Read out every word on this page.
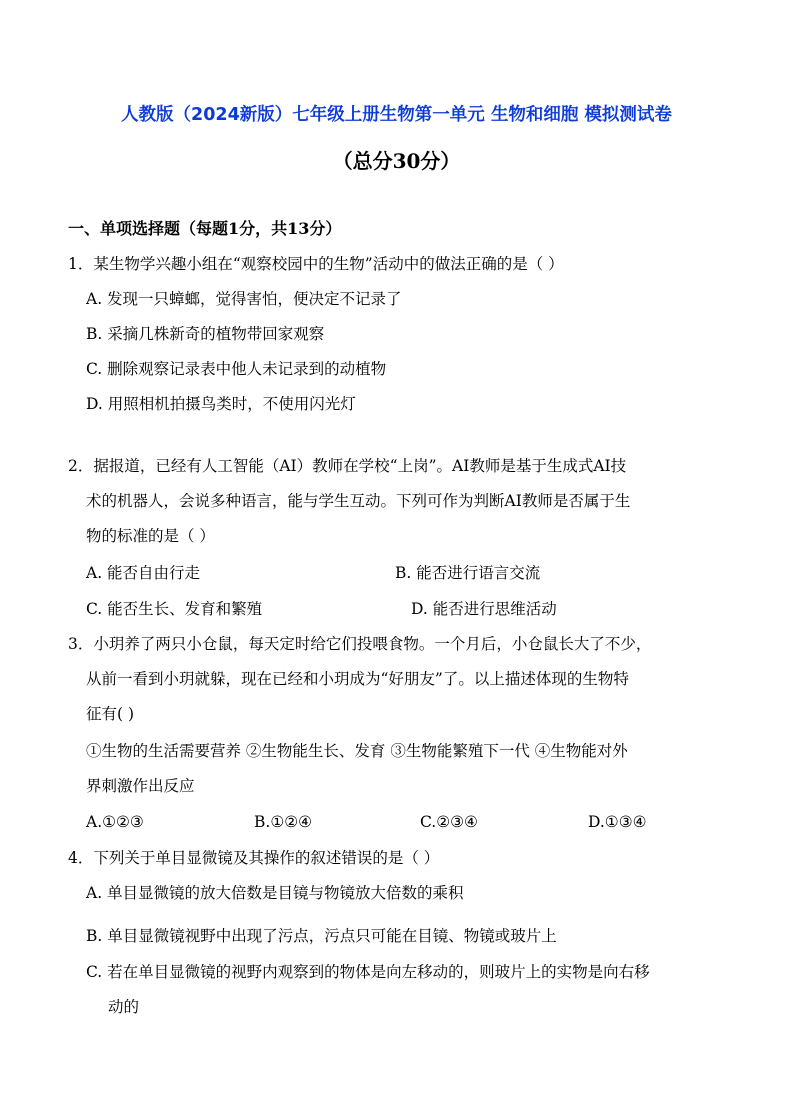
人教版（2024新版）七年级上册生物第一单元 生物和细胞 模拟测试卷
（总分30分）
一、单项选择题（每题1分，共13分）
1．某生物学兴趣小组在“观察校园中的生物”活动中的做法正确的是（ ）
A. 发现一只蟑螂，觉得害怕，便决定不记录了
B. 采摘几株新奇的植物带回家观察
C. 删除观察记录表中他人未记录到的动植物
D. 用照相机拍摄鸟类时，不使用闪光灯
2．据报道，已经有人工智能（AI）教师在学校“上岗”。AI教师是基于生成式AI技
术的机器人，会说多种语言，能与学生互动。下列可作为判断AI教师是否属于生
物的标准的是（ ）
A. 能否自由行走	B. 能否进行语言交流
C. 能否生长、发育和繁殖	D. 能否进行思维活动
3．小玥养了两只小仓鼠，每天定时给它们投喂食物。一个月后，小仓鼠长大了不少，
从前一看到小玥就躲，现在已经和小玥成为“好朋友”了。以上描述体现的生物特
征有( )
①生物的生活需要营养 ②生物能生长、发育 ③生物能繁殖下一代 ④生物能对外
界刺激作出反应
A.①②③	B.①②④	C.②③④	D.①③④
4．下列关于单目显微镜及其操作的叙述错误的是（ ）
A. 单目显微镜的放大倍数是目镜与物镜放大倍数的乘积
B. 单目显微镜视野中出现了污点，污点只可能在目镜、物镜或玻片上
C. 若在单目显微镜的视野内观察到的物体是向左移动的，则玻片上的实物是向右移
动的
